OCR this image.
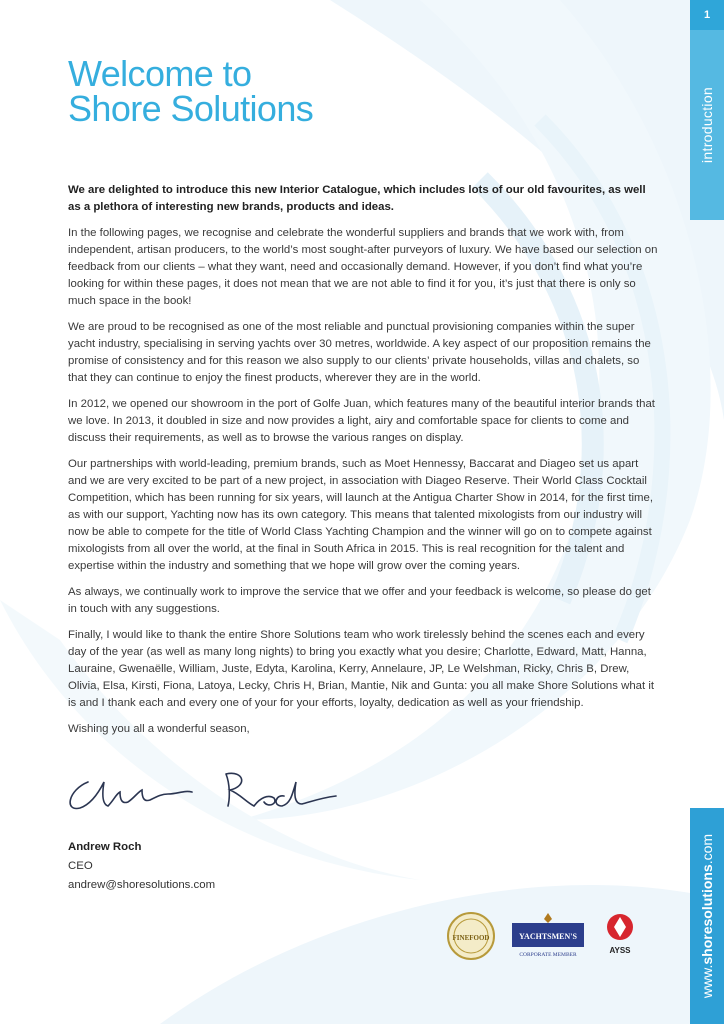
1
introduction
www.shoresolutions.com
Welcome to
Shore Solutions

We are delighted to introduce this new Interior Catalogue, which includes lots of our old favourites, as well as a plethora of interesting new brands, products and ideas.

In the following pages, we recognise and celebrate the wonderful suppliers and brands that we work with, from independent, artisan producers, to the world’s most sought-after purveyors of luxury. We have based our selection on feedback from our clients – what they want, need and occasionally demand. However, if you don’t find what you’re looking for within these pages, it does not mean that we are not able to find it for you, it’s just that there is only so much space in the book!

We are proud to be recognised as one of the most reliable and punctual provisioning companies within the super yacht industry, specialising in serving yachts over 30 metres, worldwide. A key aspect of our proposition remains the promise of consistency and for this reason we also supply to our clients’ private households, villas and chalets, so that they can continue to enjoy the finest products, wherever they are in the world.

In 2012, we opened our showroom in the port of Golfe Juan, which features many of the beautiful interior brands that we love. In 2013, it doubled in size and now provides a light, airy and comfortable space for clients to come and discuss their requirements, as well as to browse the various ranges on display.

Our partnerships with world-leading, premium brands, such as Moet Hennessy, Baccarat and Diageo set us apart and we are very excited to be part of a new project, in association with Diageo Reserve. Their World Class Cocktail Competition, which has been running for six years, will launch at the Antigua Charter Show in 2014, for the first time, as with our support, Yachting now has its own category. This means that talented mixologists from our industry will now be able to compete for the title of World Class Yachting Champion and the winner will go on to compete against mixologists from all over the world, at the final in South Africa in 2015. This is real recognition for the talent and expertise within the industry and something that we hope will grow over the coming years.

As always, we continually work to improve the service that we offer and your feedback is welcome, so please do get in touch with any suggestions.

Finally, I would like to thank the entire Shore Solutions team who work tirelessly behind the scenes each and every day of the year (as well as many long nights) to bring you exactly what you desire; Charlotte, Edward, Matt, Hanna, Lauraine, Gwenaëlle, William, Juste, Edyta, Karolina, Kerry, Annelaure, JP, Le Welshman, Ricky, Chris B, Drew, Olivia, Elsa, Kirsti, Fiona, Latoya, Lecky, Chris H, Brian, Mantie, Nik and Gunta: you all make Shore Solutions what it is and I thank each and every one of your for your efforts, loyalty, dedication as well as your friendship.

Wishing you all a wonderful season,

Andrew Roch
CEO
andrew@shoresolutions.com
FINEFOOD	YACHTSMEN'S
CORPORATE MEMBER	AYSS
